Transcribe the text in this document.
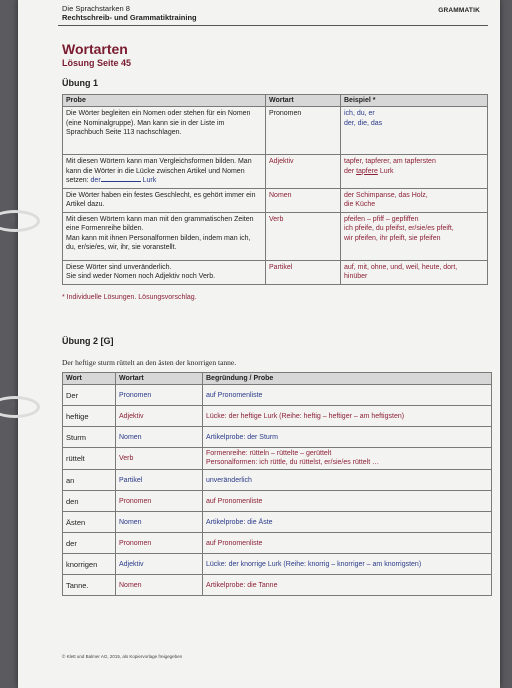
Die Sprachstarken 8
Rechtschreib- und Grammatiktraining
GRAMMATIK
Wortarten
Lösung Seite 45
Übung 1
Probe	Wortart	Beispiel *
Die Wörter begleiten ein Nomen oder stehen für ein Nomen (eine Nominalgruppe). Man kann sie in der Liste im Sprachbuch Seite 113 nachschlagen.	Pronomen	ich, du, er
der, die, das
Mit diesen Wörtern kann man Vergleichsformen bilden. Man kann die Wörter in die Lücke zwischen Artikel und Nomen setzen: der Lurk	Adjektiv	tapfer, tapferer, am tapfersten
der tapfere Lurk
Die Wörter haben ein festes Geschlecht, es gehört immer ein Artikel dazu.	Nomen	der Schimpanse, das Holz,
die Küche
Mit diesen Wörtern kann man mit den grammatischen Zeiten eine Formenreihe bilden.
Man kann mit ihnen Personalformen bilden, indem man ich, du, er/sie/es, wir, ihr, sie voranstellt.	Verb	pfeifen – pfiff – gepfiffen
ich pfeife, du pfeifst, er/sie/es pfeift,
wir pfeifen, ihr pfeift, sie pfeifen
Diese Wörter sind unveränderlich.
Sie sind weder Nomen noch Adjektiv noch Verb.	Partikel	auf, mit, ohne, und, weil, heute, dort,
hinüber
* Individuelle Lösungen. Lösungsvorschlag.
Übung 2 [G]
Der heftige sturm rüttelt an den ästen der knorrigen tanne.
Wort	Wortart	Begründung / Probe
Der	Pronomen	auf Pronomenliste
heftige	Adjektiv	Lücke: der heftige Lurk (Reihe: heftig – heftiger – am heftigsten)
Sturm	Nomen	Artikelprobe: der Sturm
rüttelt	Verb	Formenreihe: rütteln – rüttelte – gerüttelt
Personalformen: ich rüttle, du rüttelst, er/sie/es rüttelt …
an	Partikel	unveränderlich
den	Pronomen	auf Pronomenliste
Ästen	Nomen	Artikelprobe: die Äste
der	Pronomen	auf Pronomenliste
knorrigen	Adjektiv	Lücke: der knorrige Lurk (Reihe: knorrig – knorriger – am knorrigsten)
Tanne.	Nomen	Artikelprobe: die Tanne
© Klett und Balmer AG, 2015, als Kopiervorlage freigegeben
